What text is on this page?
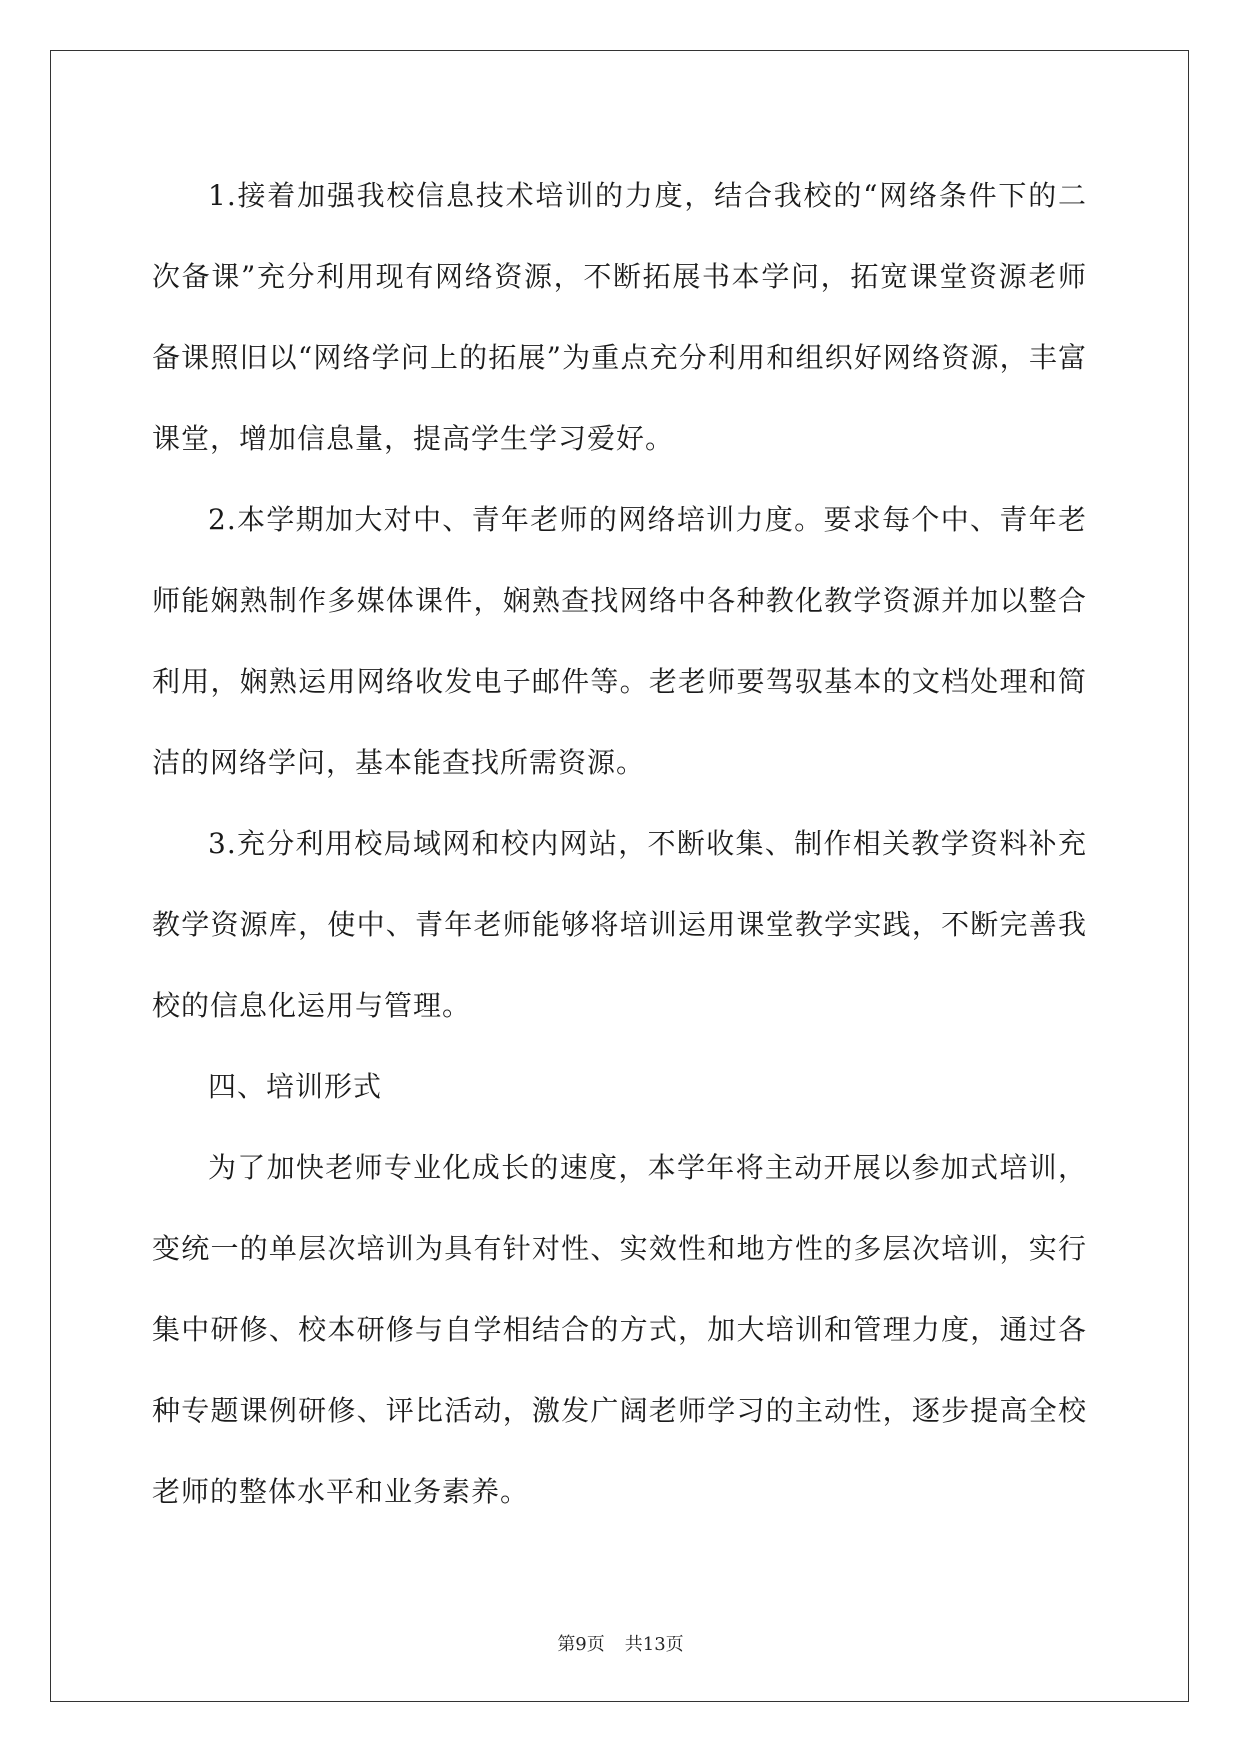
1.接着加强我校信息技术培训的力度，结合我校的“网络条件下的二次备课”充分利用现有网络资源，不断拓展书本学问，拓宽课堂资源老师备课照旧以“网络学问上的拓展”为重点充分利用和组织好网络资源，丰富课堂，增加信息量，提高学生学习爱好。

2.本学期加大对中、青年老师的网络培训力度。要求每个中、青年老师能娴熟制作多媒体课件，娴熟查找网络中各种教化教学资源并加以整合利用，娴熟运用网络收发电子邮件等。老老师要驾驭基本的文档处理和简洁的网络学问，基本能查找所需资源。

3.充分利用校局域网和校内网站，不断收集、制作相关教学资料补充教学资源库，使中、青年老师能够将培训运用课堂教学实践，不断完善我校的信息化运用与管理。

四、培训形式

为了加快老师专业化成长的速度，本学年将主动开展以参加式培训，变统一的单层次培训为具有针对性、实效性和地方性的多层次培训，实行集中研修、校本研修与自学相结合的方式，加大培训和管理力度，通过各种专题课例研修、评比活动，激发广阔老师学习的主动性，逐步提高全校老师的整体水平和业务素养。

第9页 共13页
